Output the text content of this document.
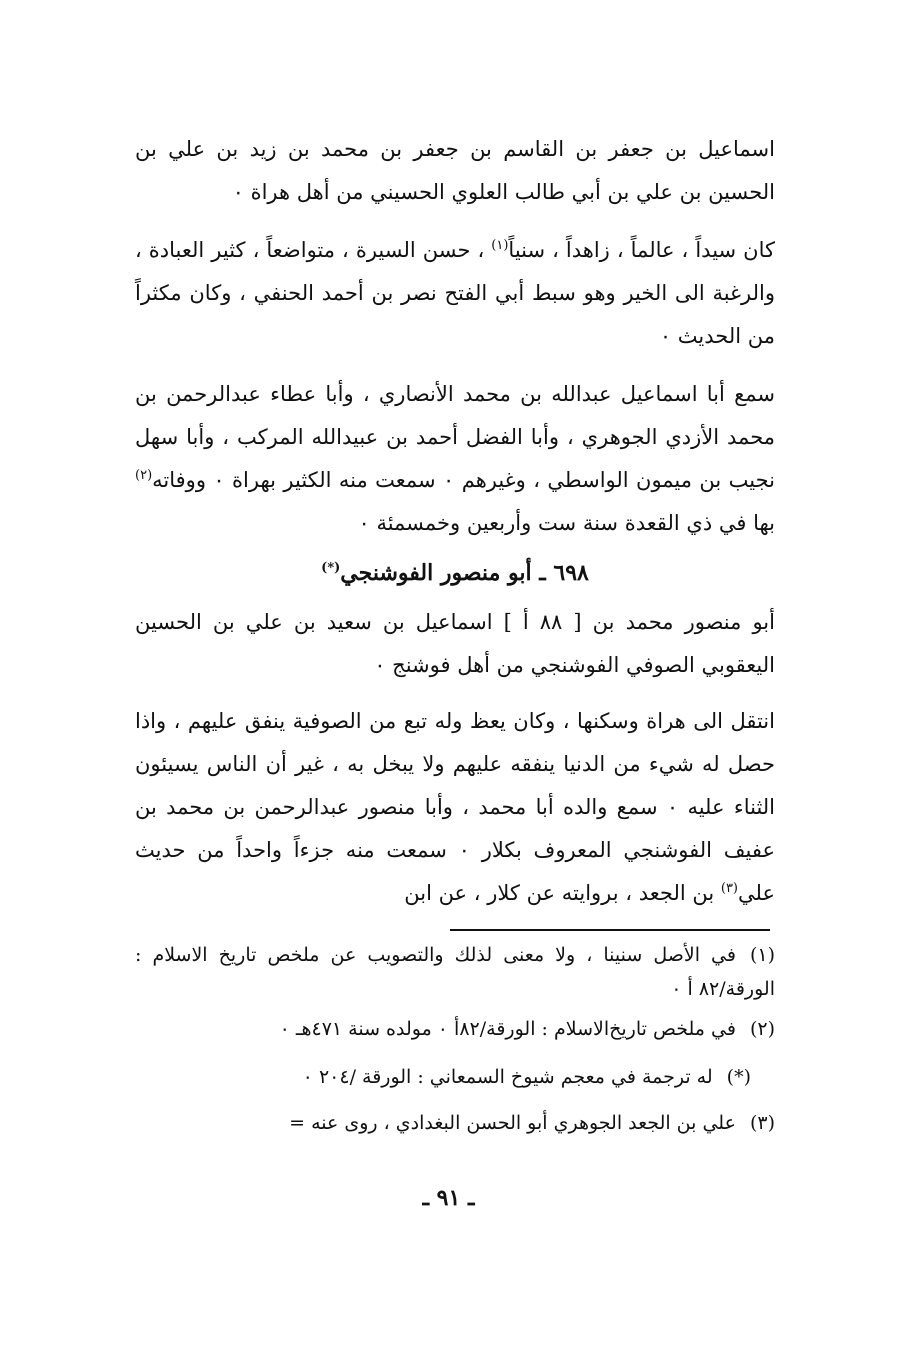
اسماعيل بن جعفر بن القاسم بن جعفر بن محمد بن زيد بن علي بن الحسين بن علي بن أبي طالب العلوي الحسيني من أهل هراة ٠

كان سيداً ، عالماً ، زاهداً ، سنياً$^{(١)}$ ، حسن السيرة ، متواضعاً ، كثير العبادة ، والرغبة الى الخير وهو سبط أبي الفتح نصر بن أحمد الحنفي ، وكان مكثراً من الحديث ٠

سمع أبا اسماعيل عبدالله بن محمد الأنصاري ، وأبا عطاء عبدالرحمن بن محمد الأزدي الجوهري ، وأبا الفضل أحمد بن عبيدالله المركب ، وأبا سهل نجيب بن ميمون الواسطي ، وغيرهم ٠ سمعت منه الكثير بهراة ٠ ووفاته$^{(٢)}$ بها في ذي القعدة سنة ست وأربعين وخمسمئة ٠

٦٩٨ ـ أبو منصور الفوشنجي(*)

أبو منصور محمد بن [ ٨٨ أ ] اسماعيل بن سعيد بن علي بن الحسين اليعقوبي الصوفي الفوشنجي من أهل فوشنج ٠

انتقل الى هراة وسكنها ، وكان يعظ وله تبع من الصوفية ينفق عليهم ، واذا حصل له شيء من الدنيا ينفقه عليهم ولا يبخل به ، غير أن الناس يسيئون الثناء عليه ٠ سمع والده أبا محمد ، وأبا منصور عبدالرحمن بن محمد بن عفيف الفوشنجي المعروف بكلار ٠ سمعت منه جزءاً واحداً من حديث علي$^{(٣)}$ بن الجعد ، بروايته عن كلار ، عن ابن

(١)في الأصل سنينا ، ولا معنى لذلك والتصويب عن ملخص تاريخ الاسلام : الورقة/٨٢ أ ٠

(٢)في ملخص تاريخ‌الاسلام : الورقة/٨٢أ ٠ مولده سنة ٤٧١هـ ٠

(*)له ترجمة في معجم شيوخ السمعاني : الورقة /٢٠٤ ٠

(٣)علي بن الجعد الجوهري أبو الحسن البغدادي ، روى عنه =

ـ ٩١ ـ
